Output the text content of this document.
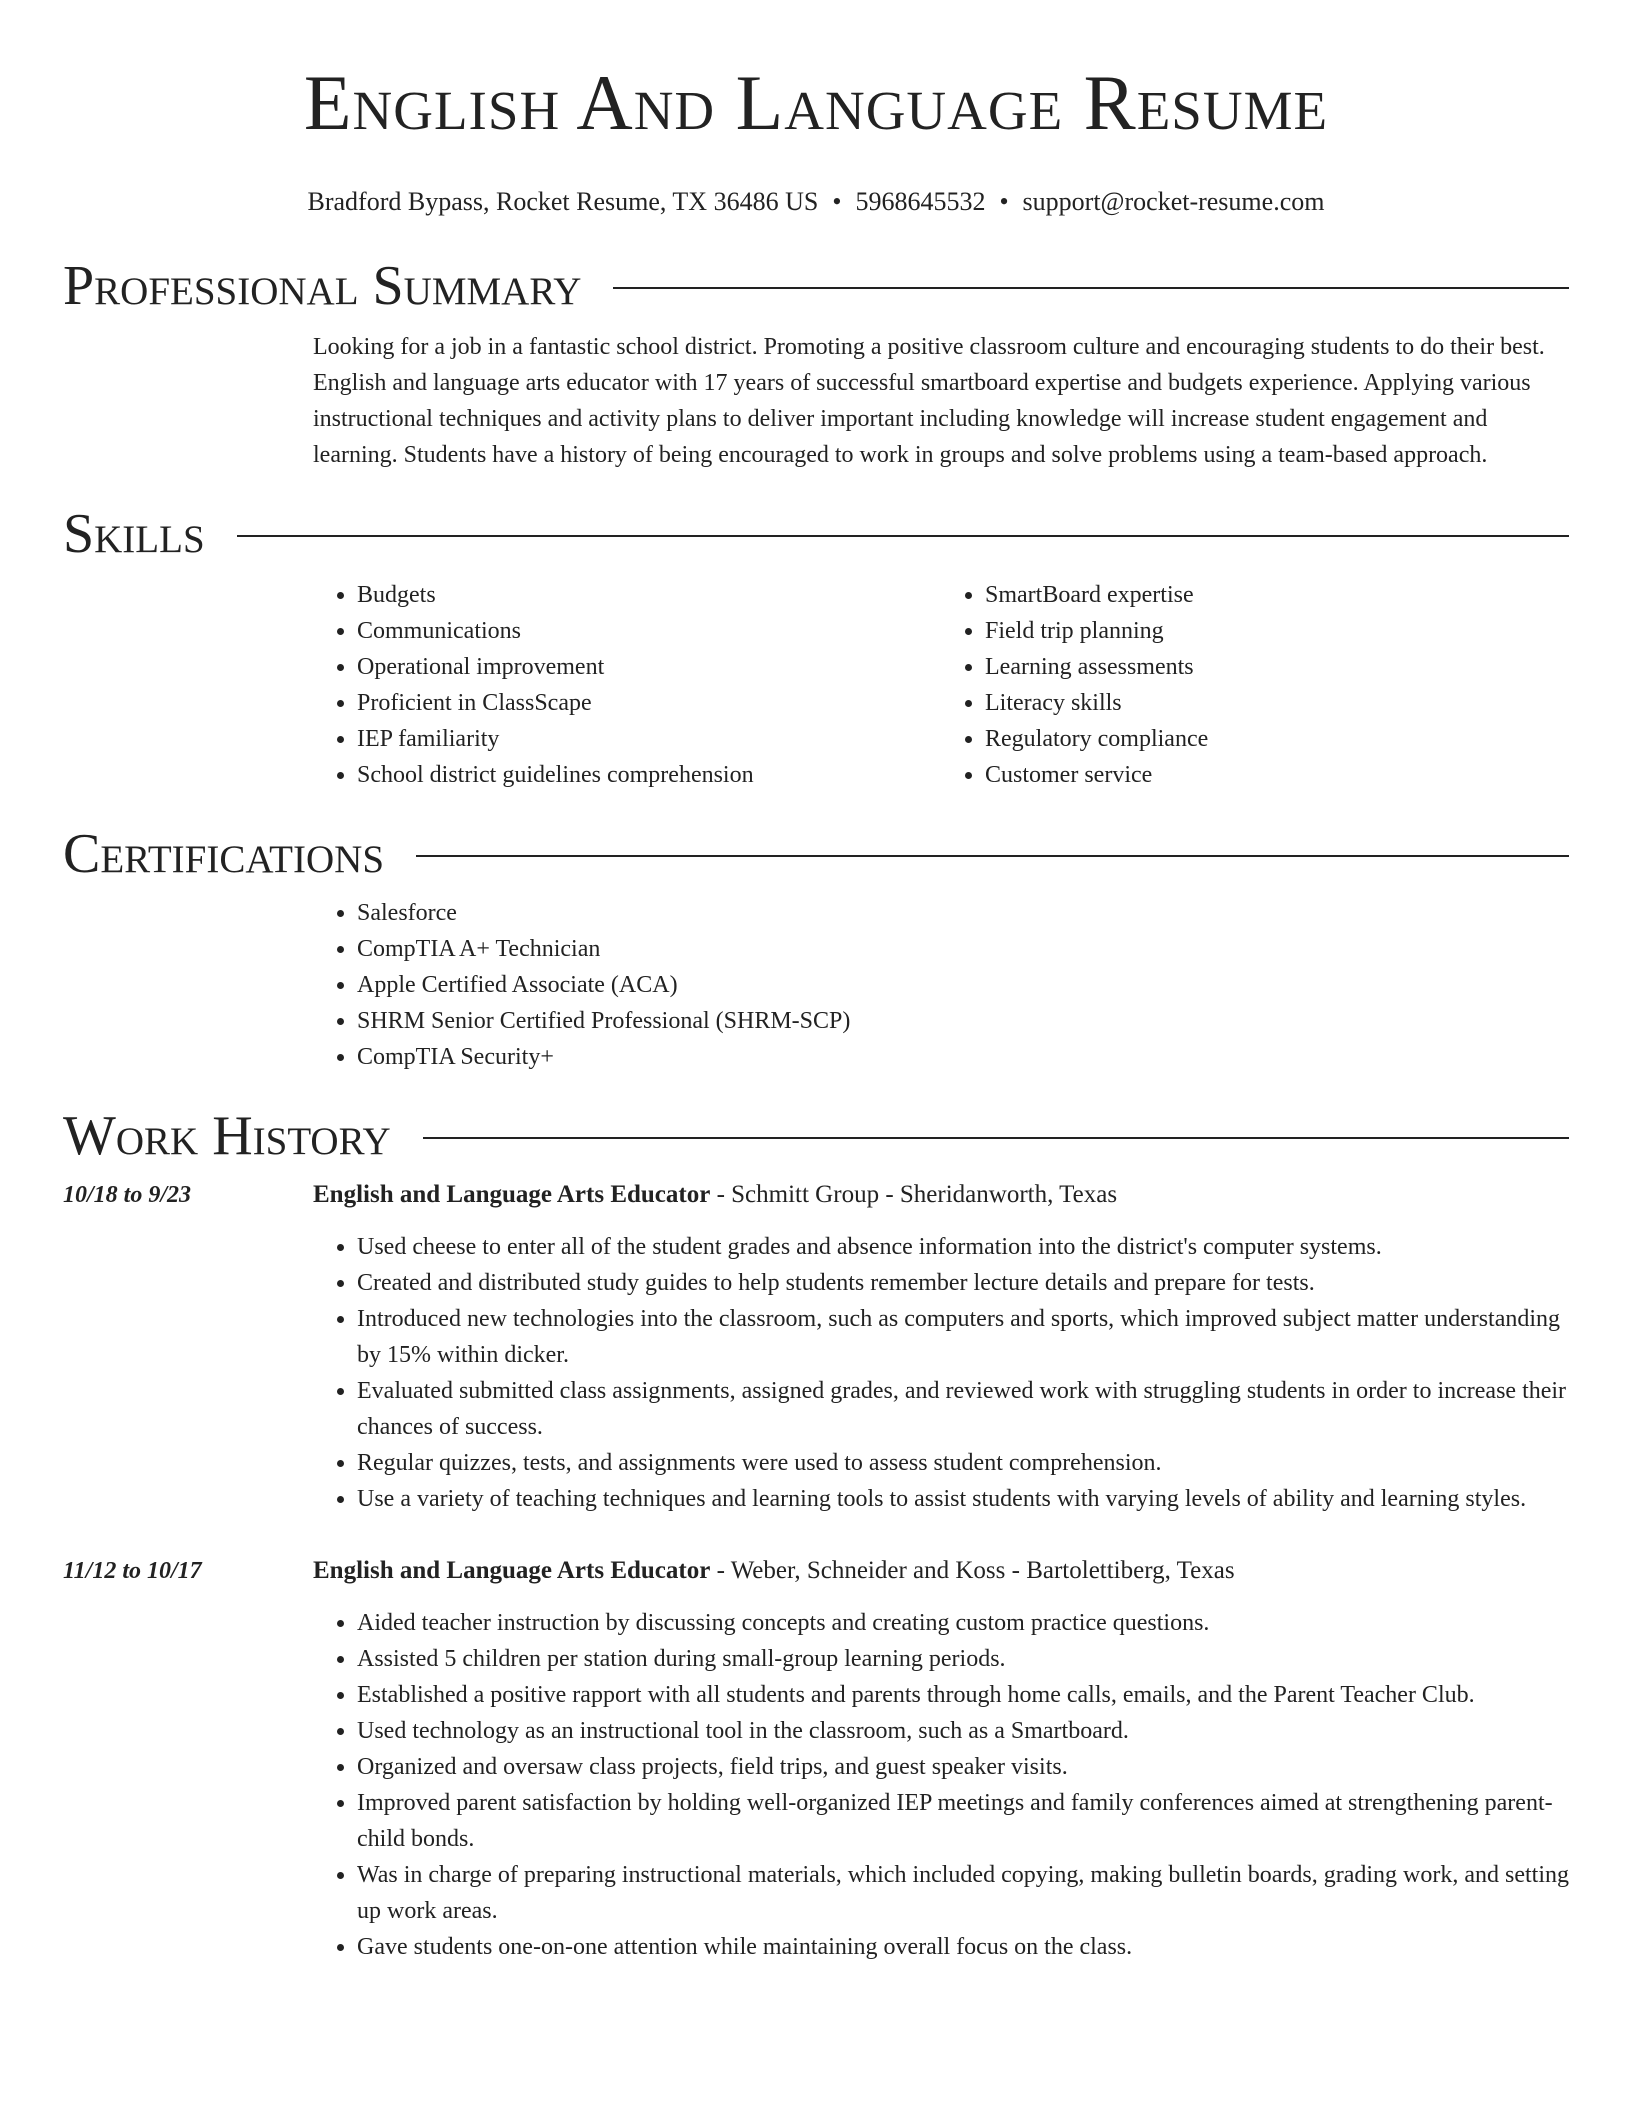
English And Language Resume
Bradford Bypass, Rocket Resume, TX 36486 US • 5968645532 • support@rocket-resume.com
Professional Summary

Looking for a job in a fantastic school district. Promoting a positive classroom culture and encouraging students to do their best. English and language arts educator with 17 years of successful smartboard expertise and budgets experience. Applying various instructional techniques and activity plans to deliver important including knowledge will increase student engagement and learning. Students have a history of being encouraged to work in groups and solve problems using a team-based approach.

Skills
• Budgets
• Communications
• Operational improvement
• Proficient in ClassScape
• IEP familiarity
• School district guidelines comprehension
• SmartBoard expertise
• Field trip planning
• Learning assessments
• Literacy skills
• Regulatory compliance
• Customer service
Certifications
• Salesforce
• CompTIA A+ Technician
• Apple Certified Associate (ACA)
• SHRM Senior Certified Professional (SHRM-SCP)
• CompTIA Security+
Work History
10/18 to 9/23	English and Language Arts Educator - Schmitt Group - Sheridanworth, Texas
• Used cheese to enter all of the student grades and absence information into the district's computer systems.
• Created and distributed study guides to help students remember lecture details and prepare for tests.
• Introduced new technologies into the classroom, such as computers and sports, which improved subject matter understanding by 15% within dicker.
• Evaluated submitted class assignments, assigned grades, and reviewed work with struggling students in order to increase their chances of success.
• Regular quizzes, tests, and assignments were used to assess student comprehension.
• Use a variety of teaching techniques and learning tools to assist students with varying levels of ability and learning styles.
11/12 to 10/17	English and Language Arts Educator - Weber, Schneider and Koss - Bartolettiberg, Texas
• Aided teacher instruction by discussing concepts and creating custom practice questions.
• Assisted 5 children per station during small-group learning periods.
• Established a positive rapport with all students and parents through home calls, emails, and the Parent Teacher Club.
• Used technology as an instructional tool in the classroom, such as a Smartboard.
• Organized and oversaw class projects, field trips, and guest speaker visits.
• Improved parent satisfaction by holding well-organized IEP meetings and family conferences aimed at strengthening parent-child bonds.
• Was in charge of preparing instructional materials, which included copying, making bulletin boards, grading work, and setting up work areas.
• Gave students one-on-one attention while maintaining overall focus on the class.
